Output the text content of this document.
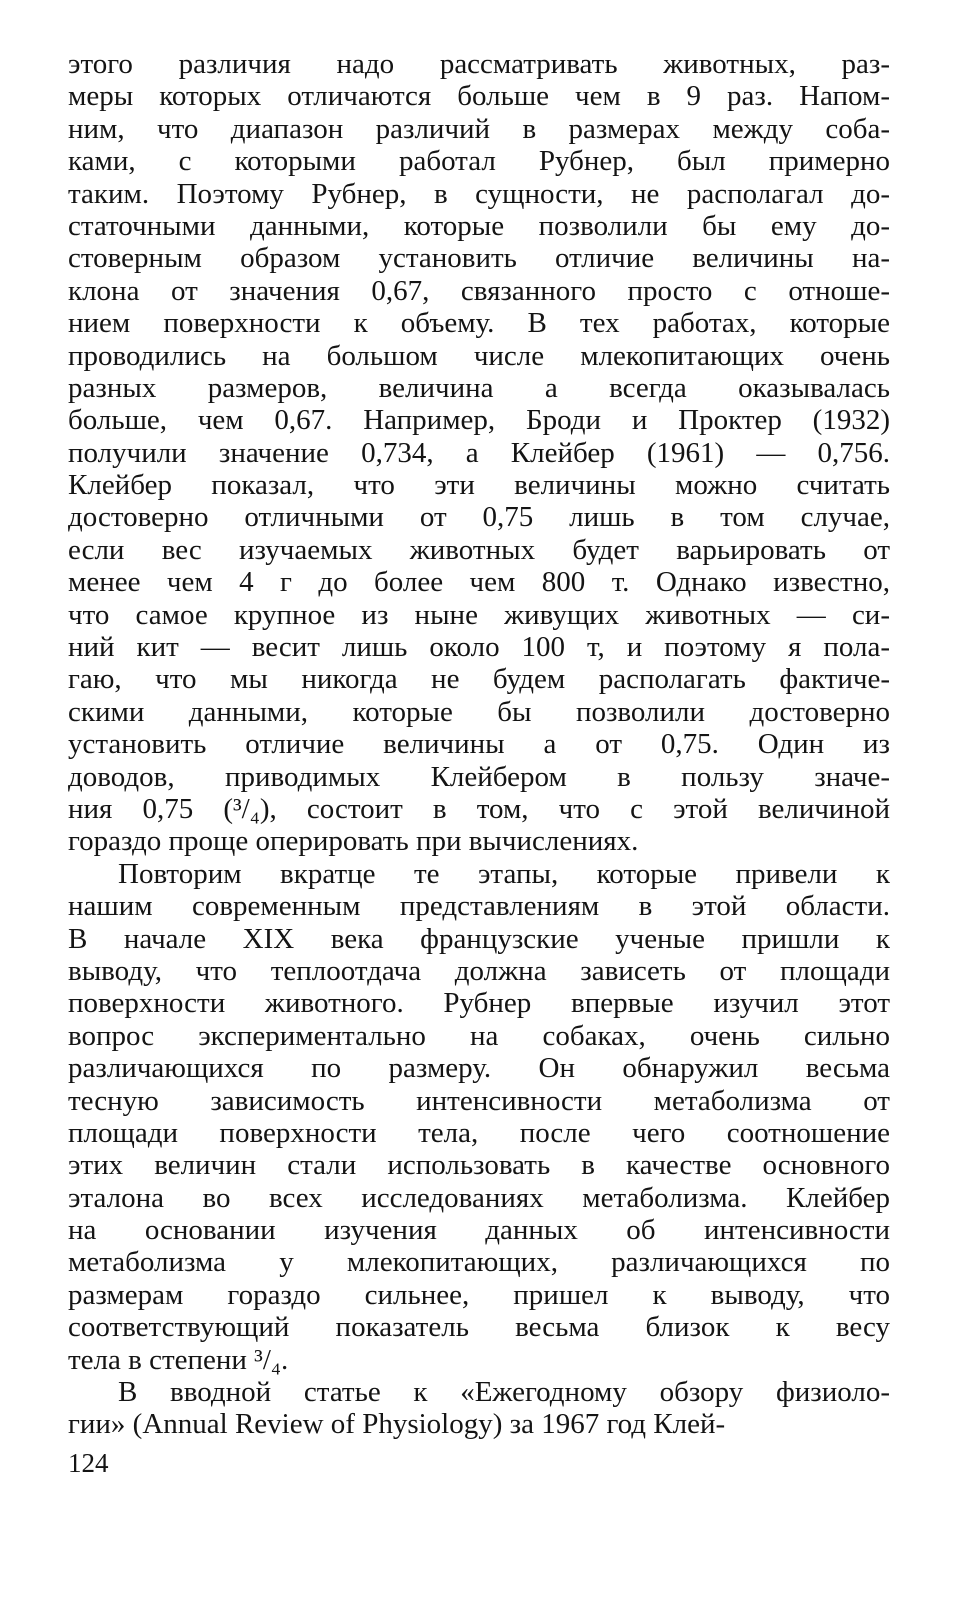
этого различия надо рассматривать животных, раз-
меры которых отличаются больше чем в 9 раз. Напом-
ним, что диапазон различий в размерах между соба-
ками, с которыми работал Рубнер, был примерно
таким. Поэтому Рубнер, в сущности, не располагал до-
статочными данными, которые позволили бы ему до-
стоверным образом установить отличие величины на-
клона от значения 0,67, связанного просто с отноше-
нием поверхности к объему. В тех работах, которые
проводились на большом числе млекопитающих очень
разных размеров, величина a всегда оказывалась
больше, чем 0,67. Например, Броди и Проктер (1932)
получили значение 0,734, а Клейбер (1961) — 0,756.
Клейбер показал, что эти величины можно считать
достоверно отличными от 0,75 лишь в том случае,
если вес изучаемых животных будет варьировать от
менее чем 4 г до более чем 800 т. Однако известно,
что самое крупное из ныне живущих животных — си-
ний кит — весит лишь около 100 т, и поэтому я пола-
гаю, что мы никогда не будем располагать фактиче-
скими данными, которые бы позволили достоверно
установить отличие величины a от 0,75. Один из
доводов, приводимых Клейбером в пользу значе-
ния 0,75 (³/₄), состоит в том, что с этой величиной
гораздо проще оперировать при вычислениях.
Повторим вкратце те этапы, которые привели к
нашим современным представлениям в этой области.
В начале XIX века французские ученые пришли к
выводу, что теплоотдача должна зависеть от площади
поверхности животного. Рубнер впервые изучил этот
вопрос экспериментально на собаках, очень сильно
различающихся по размеру. Он обнаружил весьма
тесную зависимость интенсивности метаболизма от
площади поверхности тела, после чего соотношение
этих величин стали использовать в качестве основного
эталона во всех исследованиях метаболизма. Клейбер
на основании изучения данных об интенсивности
метаболизма у млекопитающих, различающихся по
размерам гораздо сильнее, пришел к выводу, что
соответствующий показатель весьма близок к весу
тела в степени ³/₄.
В вводной статье к «Ежегодному обзору физиоло-
гии» (Annual Review of Physiology) за 1967 год Клей-
124
